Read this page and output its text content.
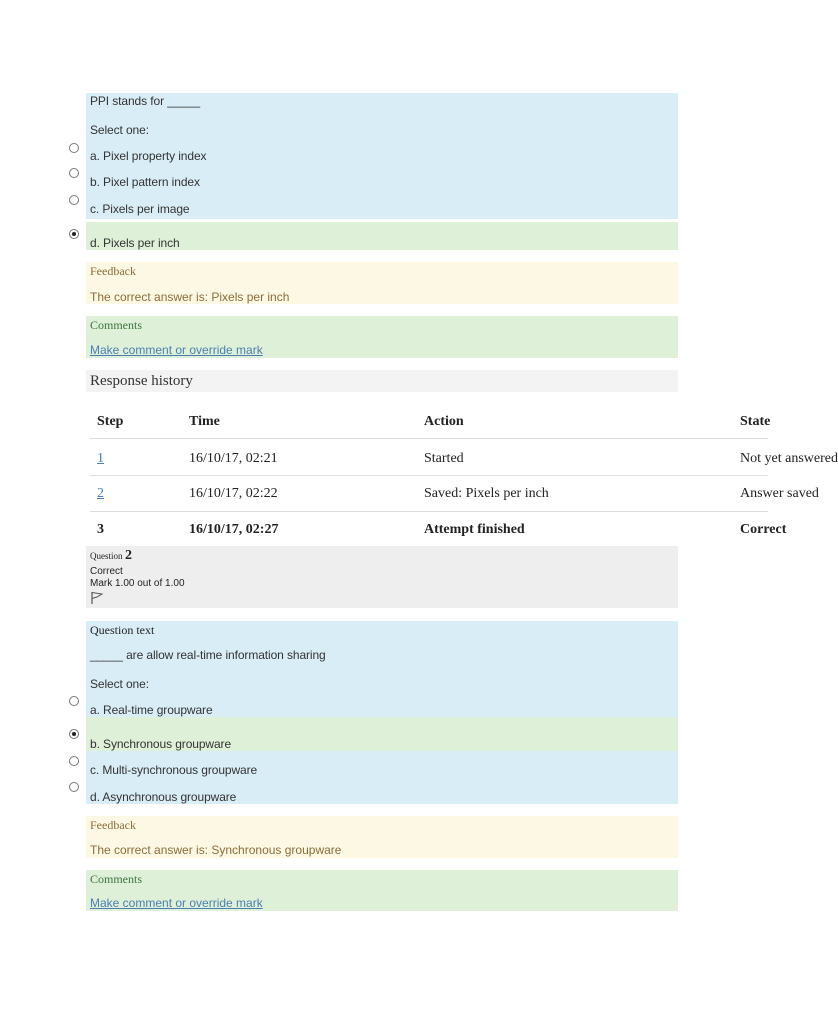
PPI stands for _____
Select one:
a. Pixel property index
b. Pixel pattern index
c. Pixels per image
d. Pixels per inch
Feedback
The correct answer is: Pixels per inch
Comments
Make comment or override mark
Response history
Step	Time	Action	State
1	16/10/17, 02:21	Started	Not yet answered
2	16/10/17, 02:22	Saved: Pixels per inch	Answer saved
3	16/10/17, 02:27	Attempt finished	Correct
Question 2
Correct
Mark 1.00 out of 1.00
Question text
_____ are allow real-time information sharing
Select one:
a. Real-time groupware
b. Synchronous groupware
c. Multi-synchronous groupware
d. Asynchronous groupware
Feedback
The correct answer is: Synchronous groupware
Comments
Make comment or override mark
